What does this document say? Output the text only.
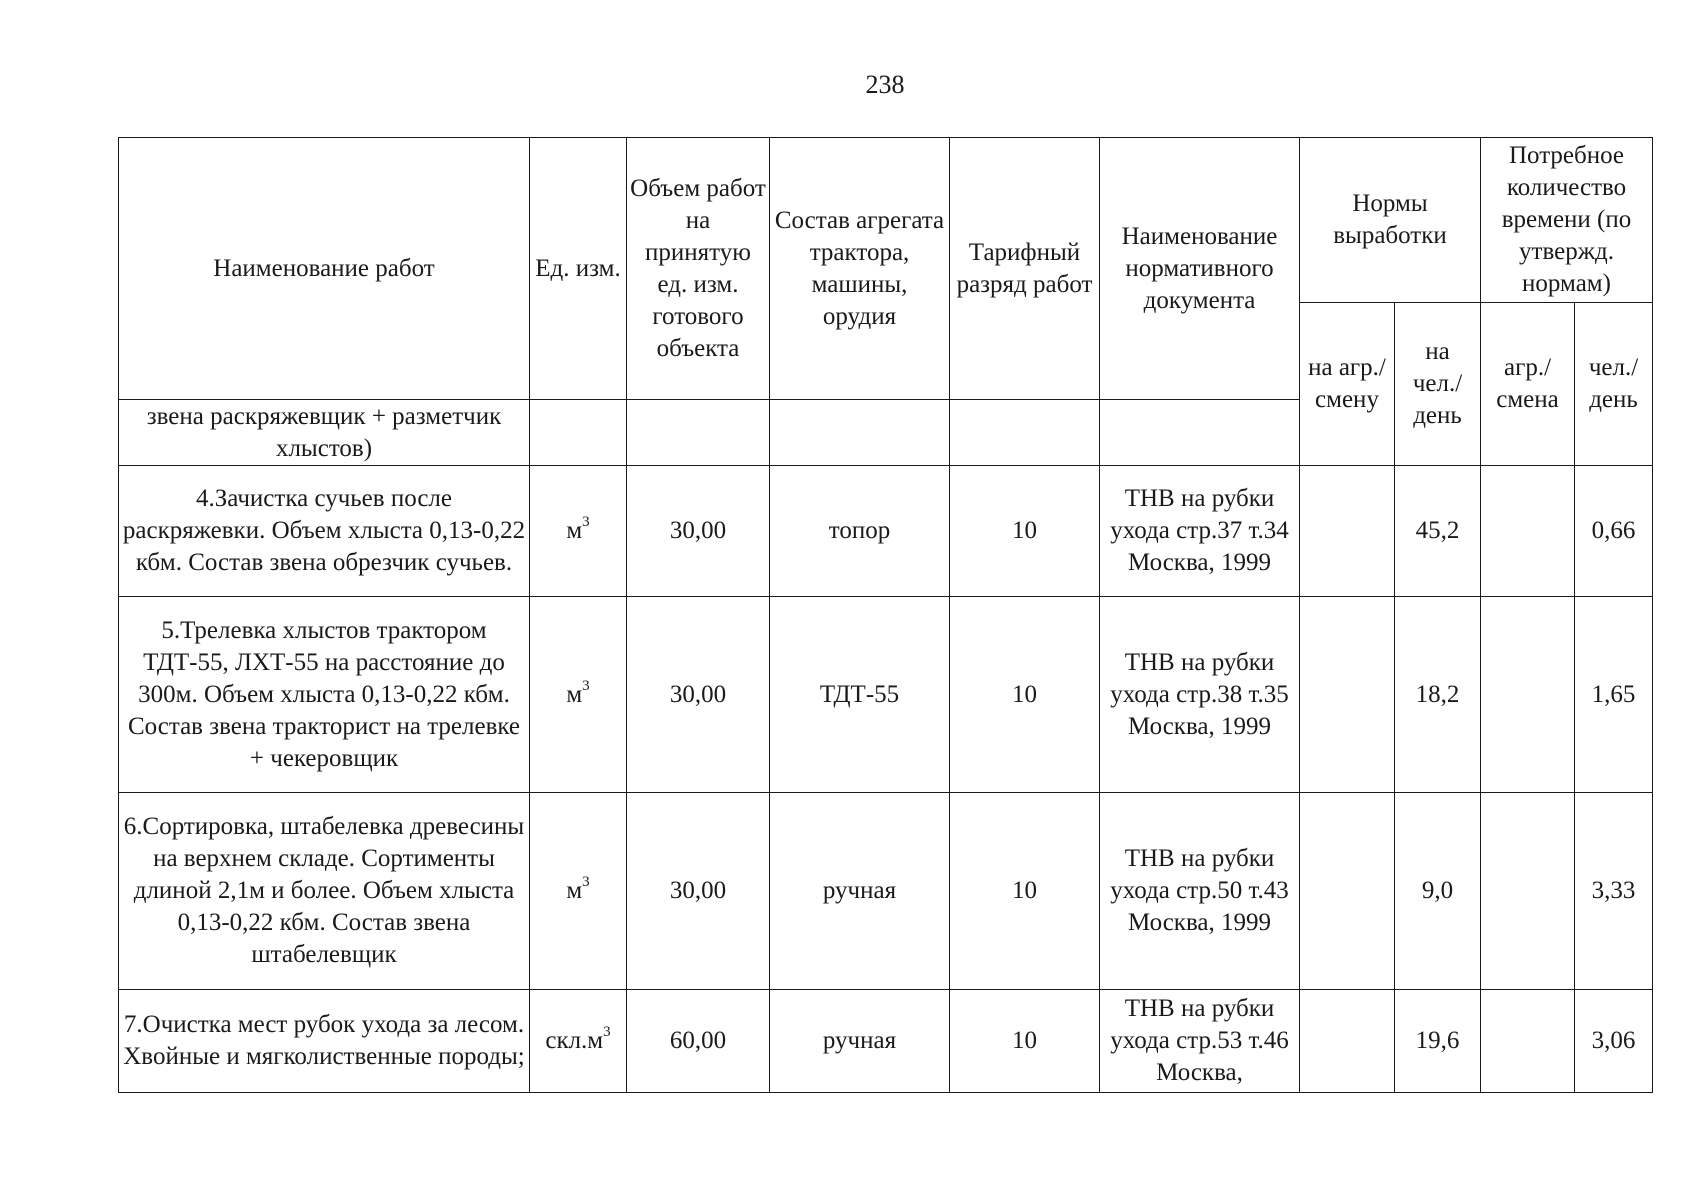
238
Наименование работ	Ед. изм.	Объем работ на принятую ед. изм. готового объекта	Состав агрегата трактора, машины, орудия	Тарифный разряд работ	Наименование нормативного документа	Нормы выработки		Потребное количество времени (по утвержд. нормам)	
						на агр./ смену	на чел./ день	агр./ смена	чел./ день
звена раскряжевщик + разметчик хлыстов)									
4.Зачистка сучьев после раскряжевки. Объем хлыста 0,13-0,22 кбм. Состав звена обрезчик сучьев.	$м^3$	30,00	топор	10	ТНВ на рубки ухода стр.37 т.34 Москва, 1999		45,2		0,66
5.Трелевка хлыстов трактором ТДТ-55, ЛХТ-55 на расстояние до 300м. Объем хлыста 0,13-0,22 кбм. Состав звена тракторист на трелевке + чекеровщик	$м^3$	30,00	ТДТ-55	10	ТНВ на рубки ухода стр.38 т.35 Москва, 1999		18,2		1,65
6.Сортировка, штабелевка древесины на верхнем складе. Сортименты длиной 2,1м и более. Объем хлыста 0,13-0,22 кбм. Состав звена штабелевщик	$м^3$	30,00	ручная	10	ТНВ на рубки ухода стр.50 т.43 Москва, 1999		9,0		3,33
7.Очистка мест рубок ухода за лесом. Хвойные и мягколиственные породы;	$скл.м^3$	60,00	ручная	10	ТНВ на рубки ухода стр.53 т.46 Москва,		19,6		3,06
